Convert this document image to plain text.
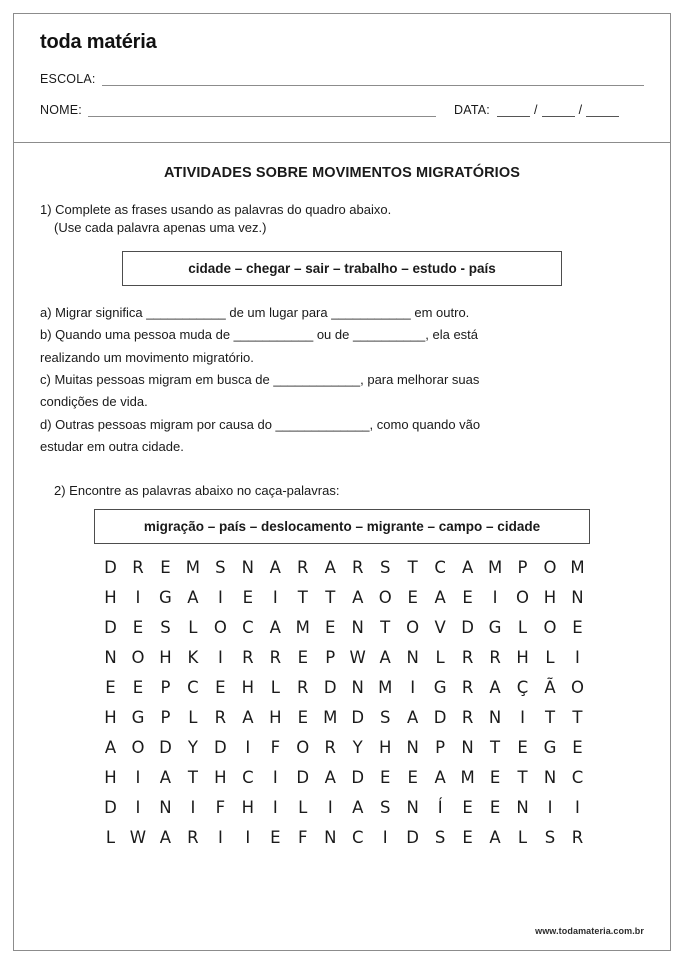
toda matéria
ESCOLA:
NOME:	DATA:	/	/
ATIVIDADES SOBRE MOVIMENTOS MIGRATÓRIOS
1) Complete as frases usando as palavras do quadro abaixo.
(Use cada palavra apenas uma vez.)
cidade – chegar – sair – trabalho – estudo - país
a) Migrar significa ___________ de um lugar para ___________ em outro.
b) Quando uma pessoa muda de ___________ ou de __________, ela está
realizando um movimento migratório.
c) Muitas pessoas migram em busca de ____________, para melhorar suas
condições de vida.
d) Outras pessoas migram por causa do _____________, como quando vão
estudar em outra cidade.
2) Encontre as palavras abaixo no caça-palavras:
migração – país – deslocamento – migrante – campo – cidade
D R E M S N A R A R S T C A M P O M
H	I	G A	I	E	I	T T A O E A E	I	O H N
D E S L O C A M E N T O V D G L O E
N O H K	I	R R E P W A N L R R H L	I
E E P C E H L R D N M	I	G R A Ç Ã O
H G P L R A H E M D S A D R N	I	T T
A O D Y D	I	F O R Y H N P N T E G E
H	I	A T H C	I	D A D E E A M E T N C
D	I	N	I	F H	I	L	I	A S N	Í	E E N	I	I
L W A R	I	I	E F N C	I	D S E A L S R
www.todamateria.com.br
